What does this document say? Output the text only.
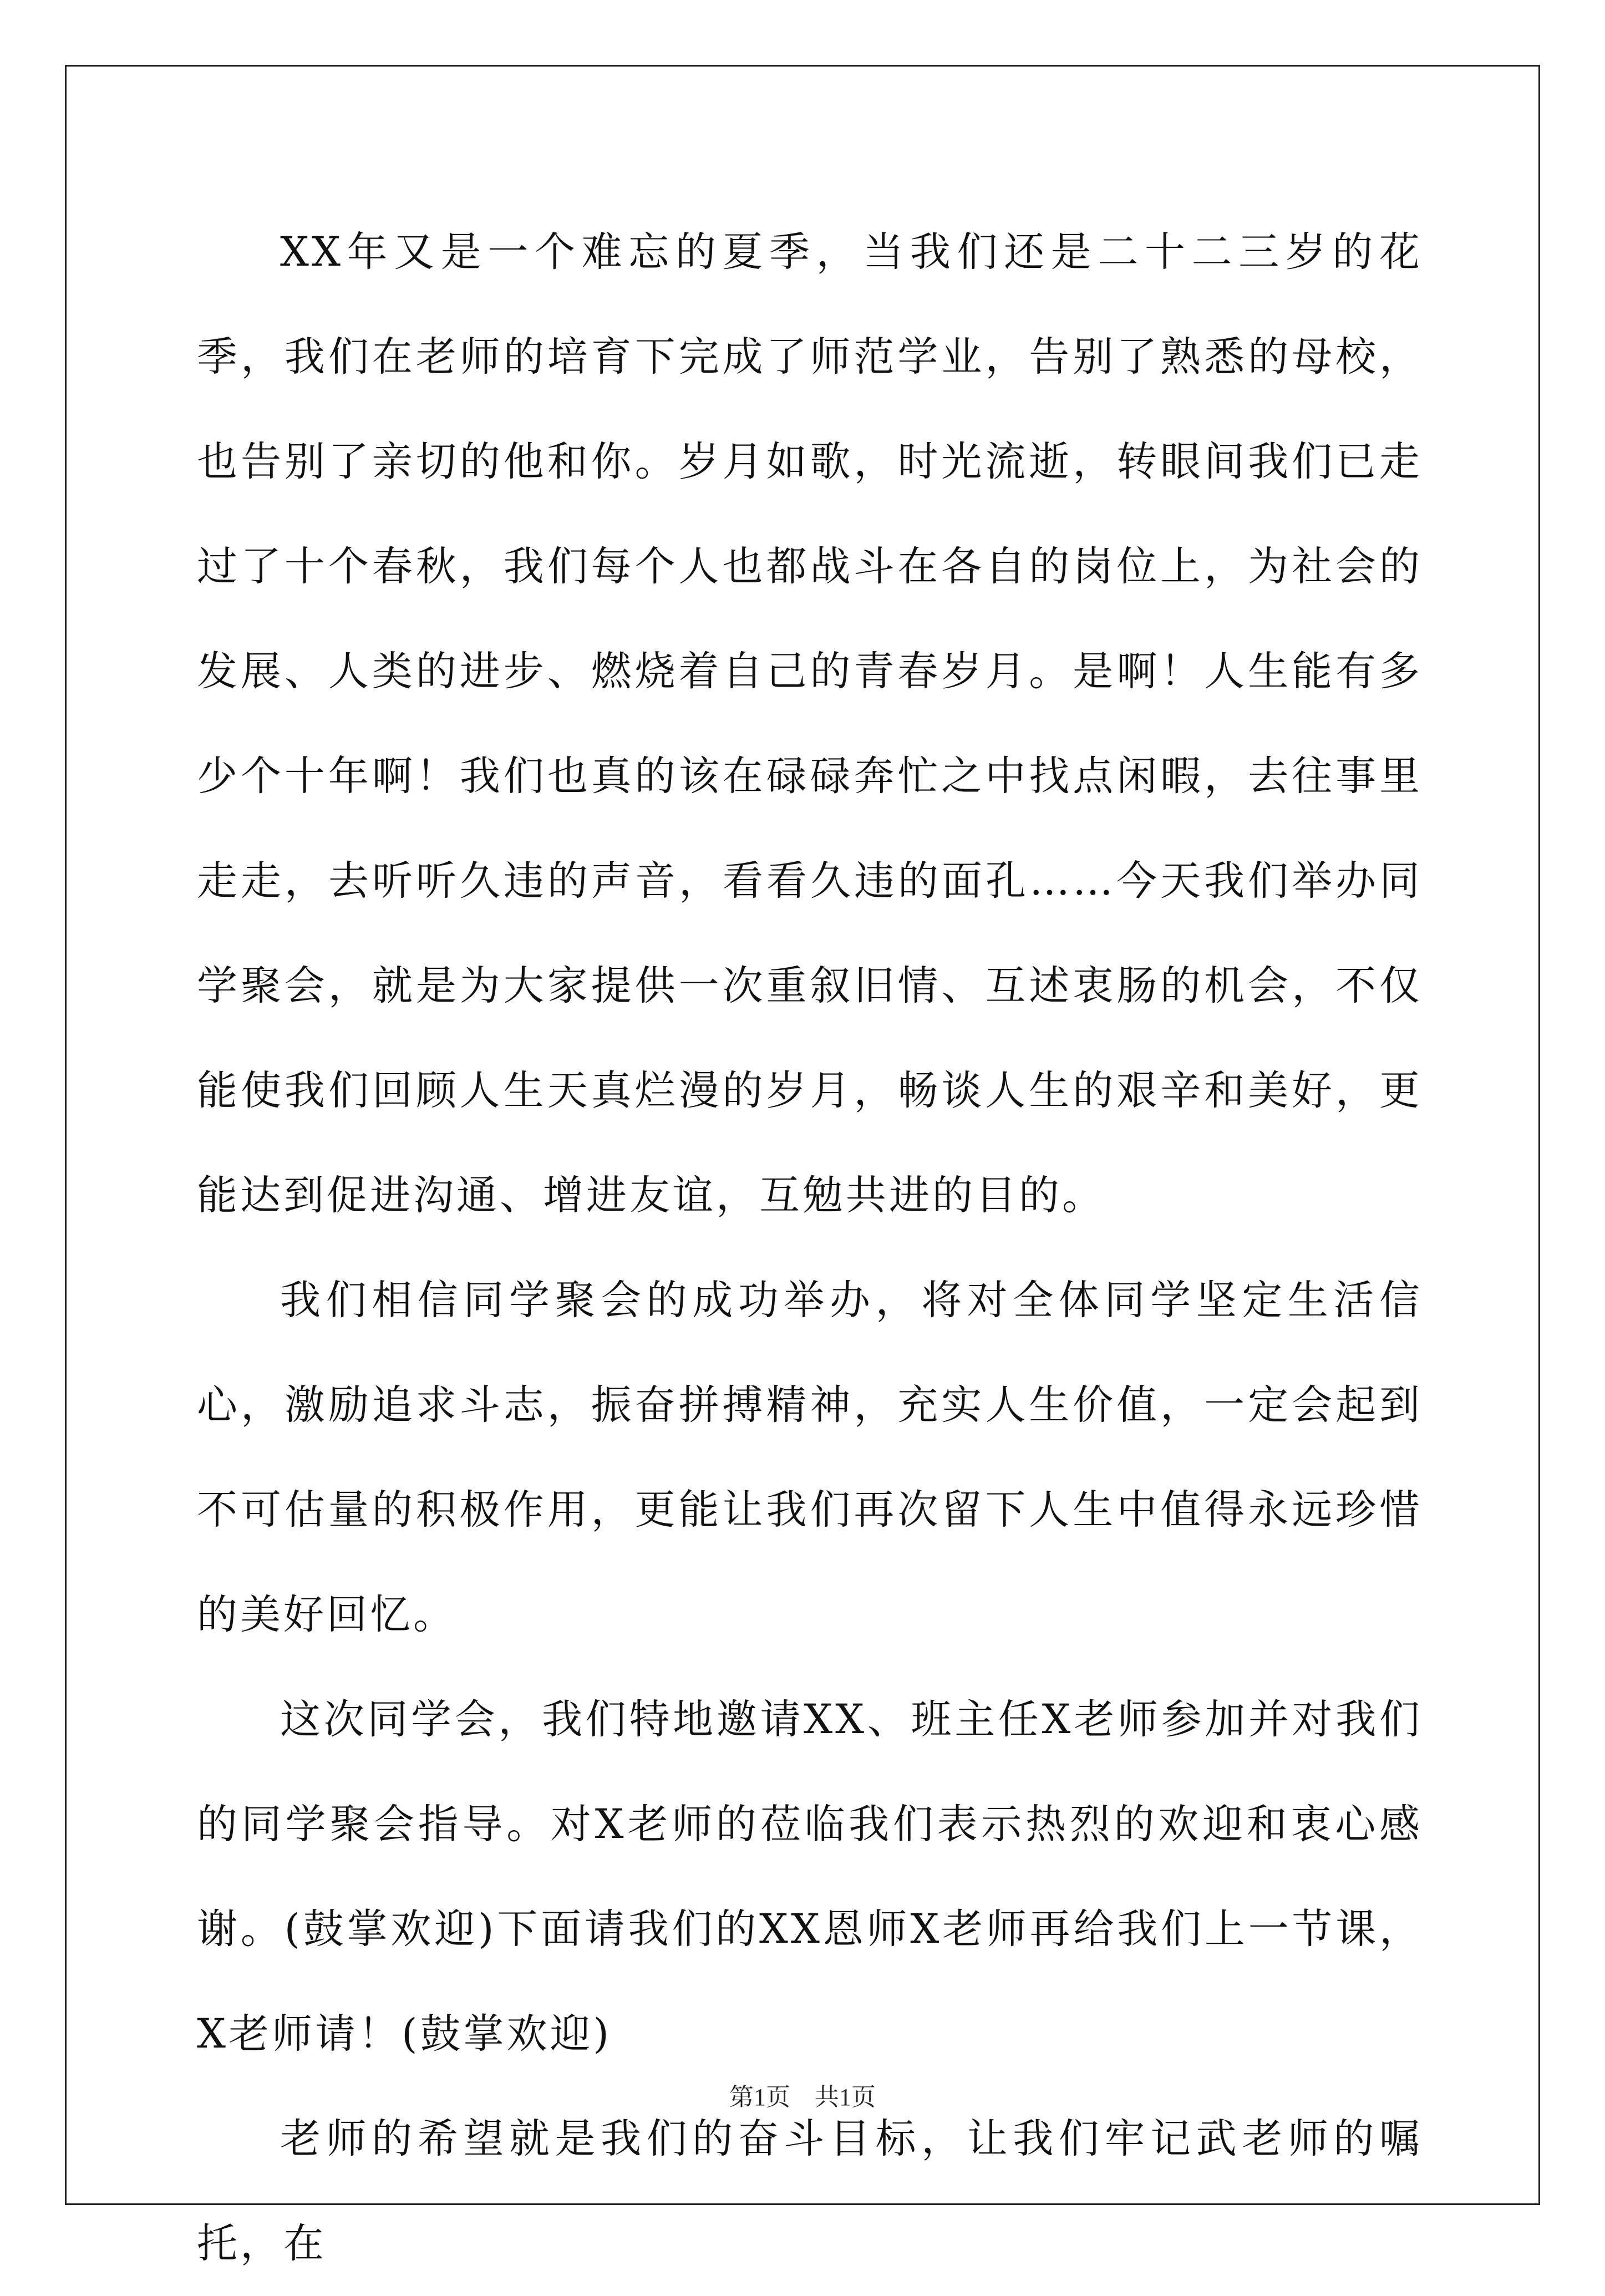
XX年又是一个难忘的夏季，当我们还是二十二三岁的花季，我们在老师的培育下完成了师范学业，告别了熟悉的母校，也告别了亲切的他和你。岁月如歌，时光流逝，转眼间我们已走过了十个春秋，我们每个人也都战斗在各自的岗位上，为社会的发展、人类的进步、燃烧着自己的青春岁月。是啊！人生能有多少个十年啊！我们也真的该在碌碌奔忙之中找点闲暇，去往事里走走，去听听久违的声音，看看久违的面孔……今天我们举办同学聚会，就是为大家提供一次重叙旧情、互述衷肠的机会，不仅能使我们回顾人生天真烂漫的岁月，畅谈人生的艰辛和美好，更能达到促进沟通、增进友谊，互勉共进的目的。

我们相信同学聚会的成功举办，将对全体同学坚定生活信心，激励追求斗志，振奋拼搏精神，充实人生价值，一定会起到不可估量的积极作用，更能让我们再次留下人生中值得永远珍惜的美好回忆。

这次同学会，我们特地邀请XX、班主任X老师参加并对我们的同学聚会指导。对X老师的莅临我们表示热烈的欢迎和衷心感谢。(鼓掌欢迎)下面请我们的XX恩师X老师再给我们上一节课，X老师请！(鼓掌欢迎)

老师的希望就是我们的奋斗目标，让我们牢记武老师的嘱托，在

第1页　共1页
